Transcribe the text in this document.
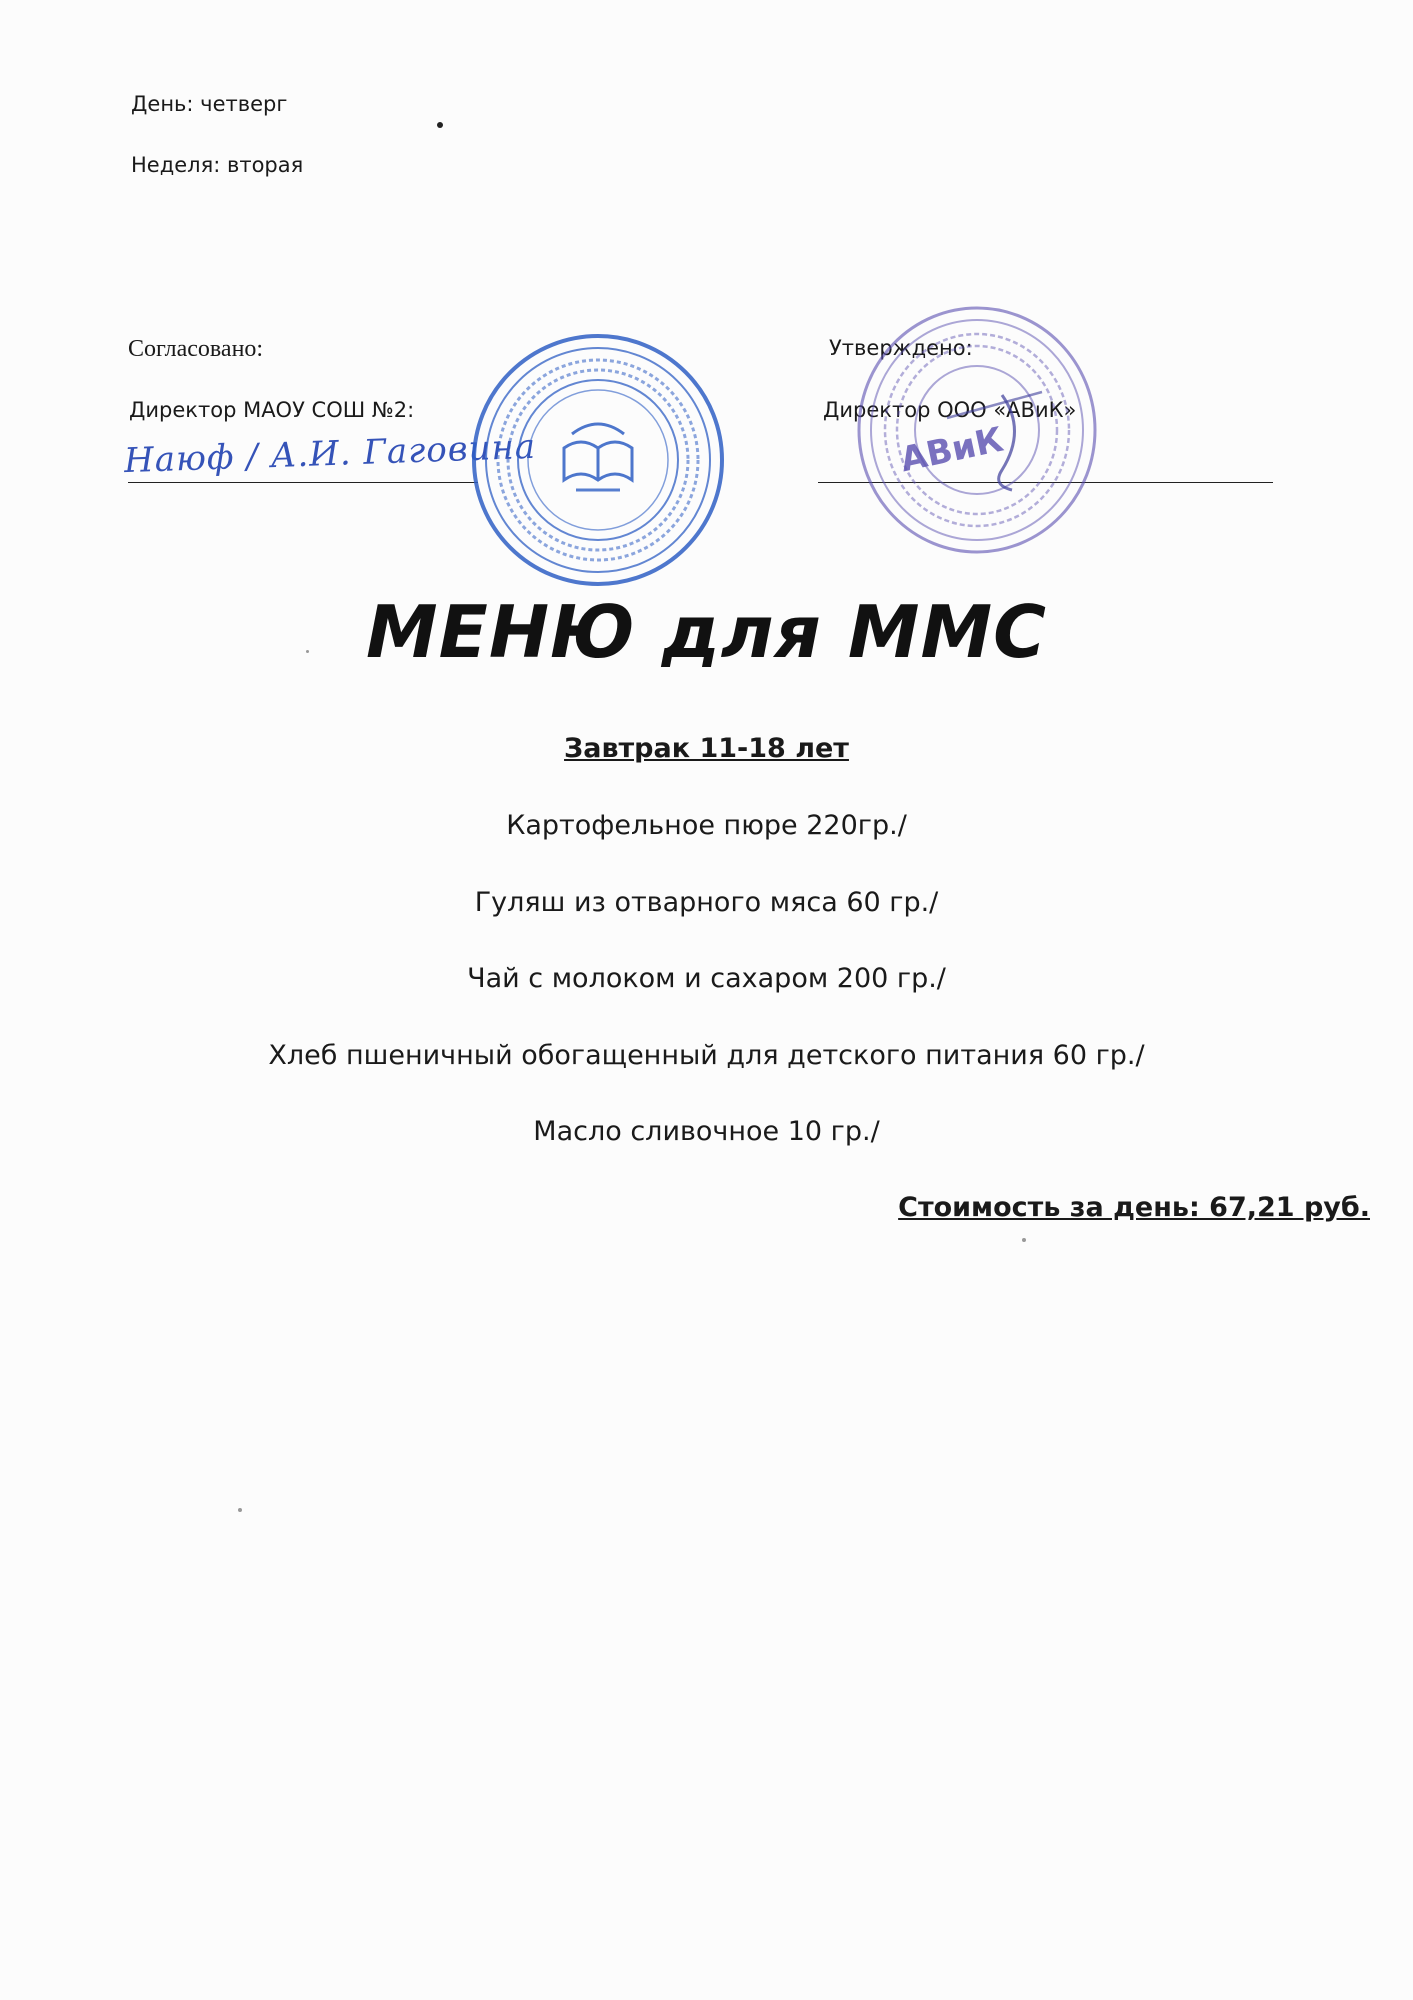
День: четверг
Неделя: вторая
Согласовано:
Директор МАОУ СОШ №2:
Наюф / А.И. Гаговина
Утверждено:
Директор ООО «АВиК»
АВиК
МЕНЮ для ММС
Завтрак 11-18 лет
Картофельное пюре 220гр./
Гуляш из отварного мяса 60 гр./
Чай с молоком и сахаром 200 гр./
Хлеб пшеничный обогащенный для детского питания 60 гр./
Масло сливочное 10 гр./
Стоимость за день: 67,21 руб.
